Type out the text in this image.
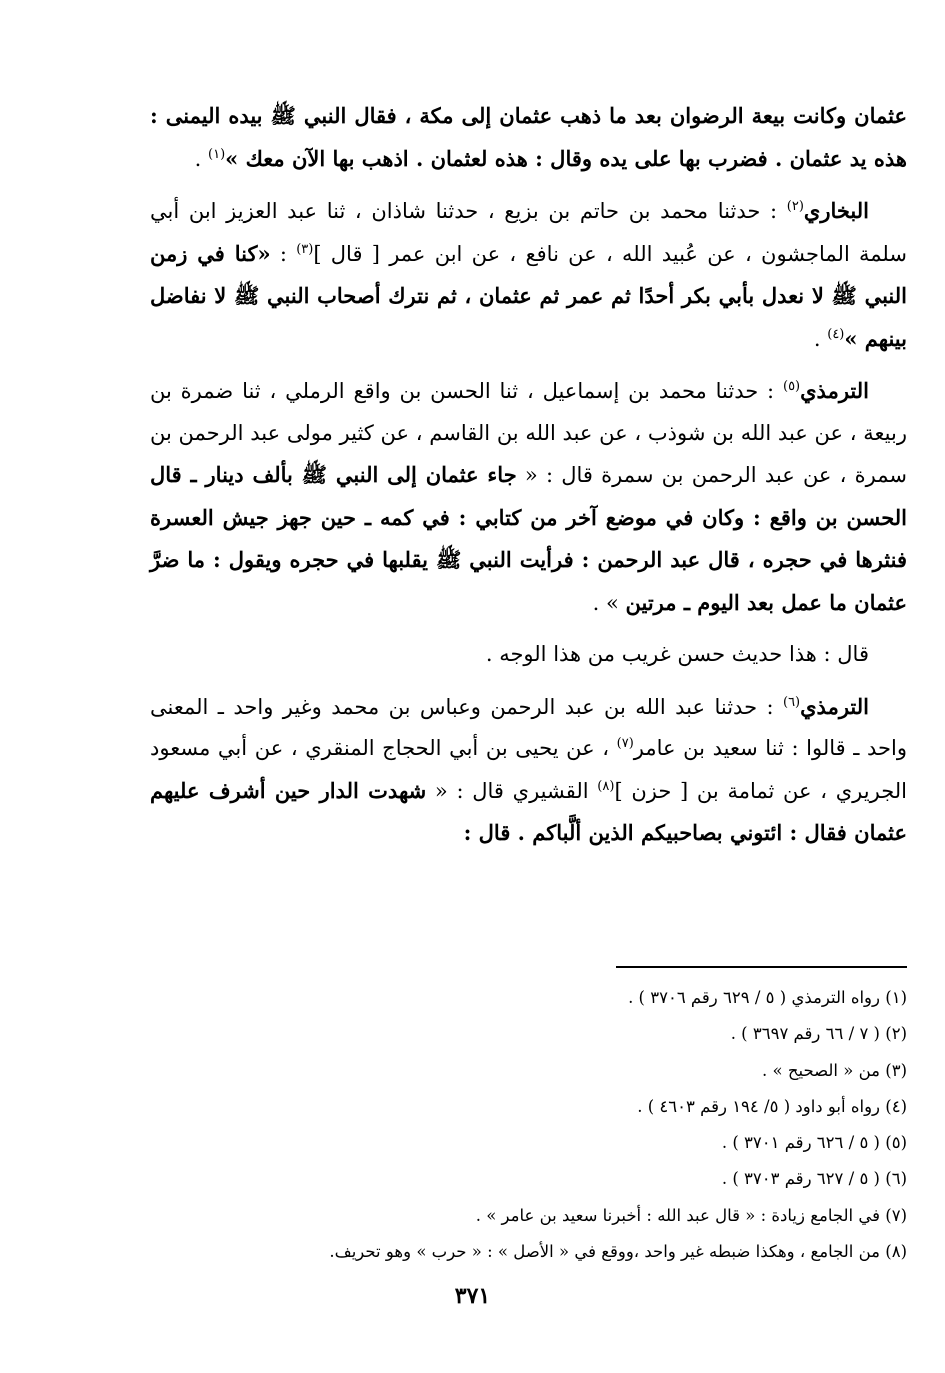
عثمان وكانت بيعة الرضوان بعد ما ذهب عثمان إلى مكة ، فقال النبي ﷺ بيده اليمنى : هذه يد عثمان . فضرب بها على يده وقال : هذه لعثمان . اذهب بها الآن معك »$^{(١)}$ .

البخاري$^{(٢)}$ : حدثنا محمد بن حاتم بن بزيع ، حدثنا شاذان ، ثنا عبد العزيز ابن أبي سلمة الماجشون ، عن عُبيد الله ، عن نافع ، عن ابن عمر [ قال ]$^{(٣)}$ : «كنا في زمن النبي ﷺ لا نعدل بأبي بكر أحدًا ثم عمر ثم عثمان ، ثم نترك أصحاب النبي ﷺ لا نفاضل بينهم »$^{(٤)}$ .

الترمذي$^{(٥)}$ : حدثنا محمد بن إسماعيل ، ثنا الحسن بن واقع الرملي ، ثنا ضمرة بن ربيعة ، عن عبد الله بن شوذب ، عن عبد الله بن القاسم ، عن كثير مولى عبد الرحمن بن سمرة ، عن عبد الرحمن بن سمرة قال : « جاء عثمان إلى النبي ﷺ بألف دينار ـ قال الحسن بن واقع : وكان في موضع آخر من كتابي : في كمه ـ حين جهز جيش العسرة فنثرها في حجره ، قال عبد الرحمن : فرأيت النبي ﷺ يقلبها في حجره ويقول : ما ضرَّ عثمان ما عمل بعد اليوم ـ مرتين » .

قال : هذا حديث حسن غريب من هذا الوجه .

الترمذي$^{(٦)}$ : حدثنا عبد الله بن عبد الرحمن وعباس بن محمد وغير واحد ـ المعنى واحد ـ قالوا : ثنا سعيد بن عامر$^{(٧)}$ ، عن يحيى بن أبي الحجاج المنقري ، عن أبي مسعود الجريري ، عن ثمامة بن [ حزن ]$^{(٨)}$ القشيري قال : « شهدت الدار حين أشرف عليهم عثمان فقال : ائتوني بصاحبيكم الذين ألَّباكم . قال :

(١) رواه الترمذي ( ٥ / ٦٢٩ رقم ٣٧٠٦ ) .
(٢) ( ٧ / ٦٦ رقم ٣٦٩٧ ) .
(٣) من « الصحيح » .
(٤) رواه أبو داود ( ٥/ ١٩٤ رقم ٤٦٠٣ ) .
(٥) ( ٥ / ٦٢٦ رقم ٣٧٠١ ) .
(٦) ( ٥ / ٦٢٧ رقم ٣٧٠٣ ) .
(٧) في الجامع زيادة : « قال عبد الله : أخبرنا سعيد بن عامر » .
(٨) من الجامع ، وهكذا ضبطه غير واحد ،ووقع في « الأصل » : « حرب » وهو تحريف.
٣٧١
